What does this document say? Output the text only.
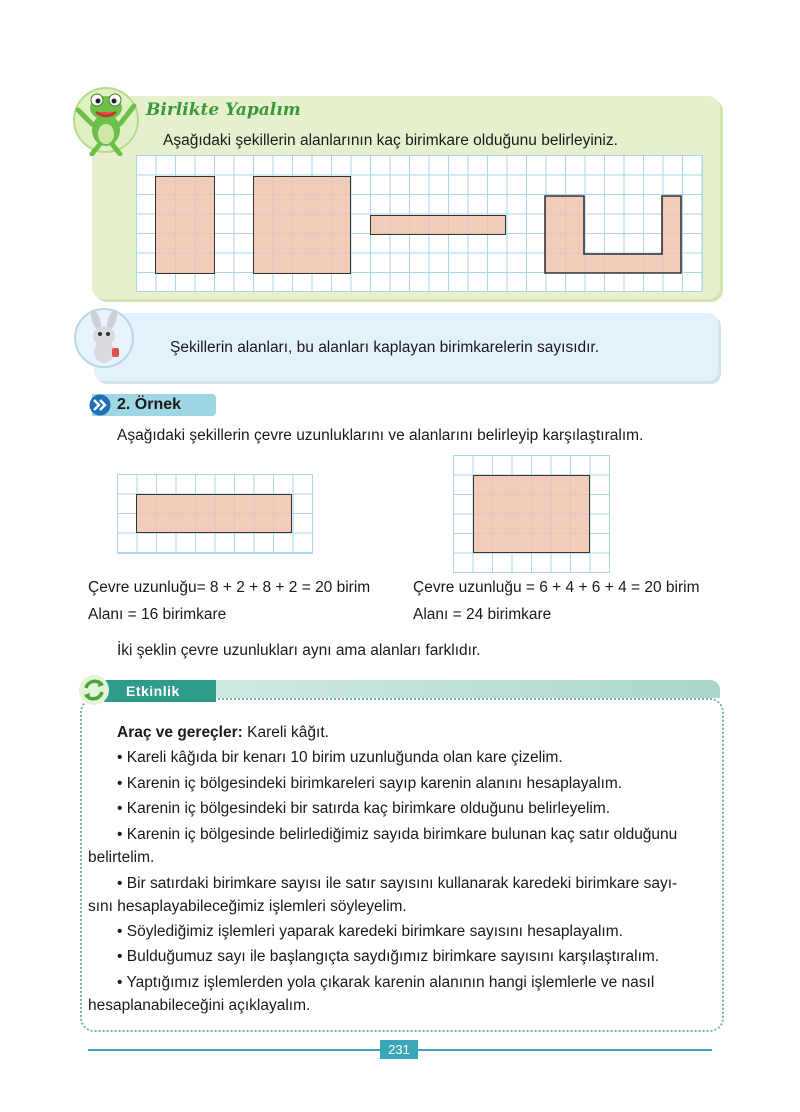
Birlikte Yapalım
Aşağıdaki şekillerin alanlarının kaç birimkare olduğunu belirleyiniz.
Şekillerin alanları, bu alanları kaplayan birimkarelerin sayısıdır.
2. Örnek
Aşağıdaki şekillerin çevre uzunluklarını ve alanlarını belirleyip karşılaştıralım.
Çevre uzunluğu= 8 + 2 + 8 + 2 = 20 birim
Alanı = 16 birimkare
Çevre uzunluğu = 6 + 4 + 6 + 4 = 20 birim
Alanı = 24 birimkare
İki şeklin çevre uzunlukları aynı ama alanları farklıdır.
Etkinlik
Araç ve gereçler: Kareli kâğıt.
• Kareli kâğıda bir kenarı 10 birim uzunluğunda olan kare çizelim.
• Karenin iç bölgesindeki birimkareleri sayıp karenin alanını hesaplayalım.
• Karenin iç bölgesindeki bir satırda kaç birimkare olduğunu belirleyelim.
• Karenin iç bölgesinde belirlediğimiz sayıda birimkare bulunan kaç satır olduğunu
belirtelim.
• Bir satırdaki birimkare sayısı ile satır sayısını kullanarak karedeki birimkare sayı-
sını hesaplayabileceğimiz işlemleri söyleyelim.
• Söylediğimiz işlemleri yaparak karedeki birimkare sayısını hesaplayalım.
• Bulduğumuz sayı ile başlangıçta saydığımız birimkare sayısını karşılaştıralım.
• Yaptığımız işlemlerden yola çıkarak karenin alanının hangi işlemlerle ve nasıl
hesaplanabileceğini açıklayalım.
231
